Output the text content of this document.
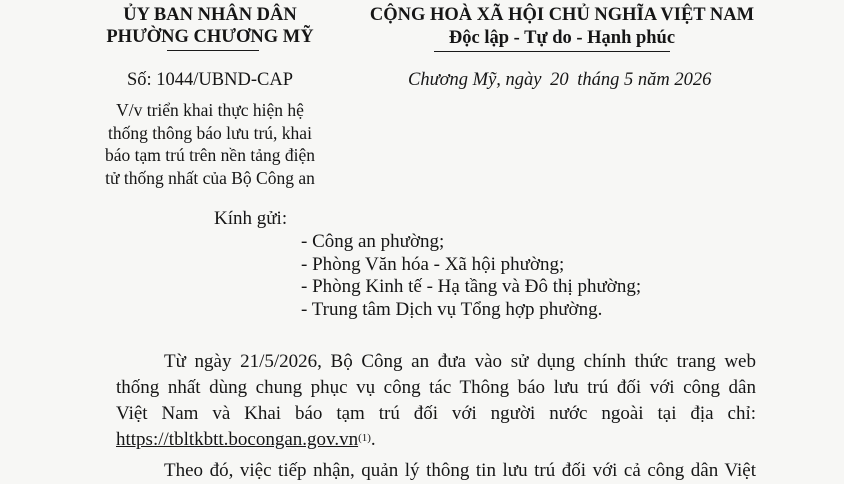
ỦY BAN NHÂN DÂN
PHƯỜNG CHƯƠNG MỸ
Số: 1044/UBND-CAP
V/v triển khai thực hiện hệ
thống thông báo lưu trú, khai
báo tạm trú trên nền tảng điện
tử thống nhất của Bộ Công an
CỘNG HOÀ XÃ HỘI CHỦ NGHĨA VIỆT NAM
Độc lập - Tự do - Hạnh phúc
Chương Mỹ, ngày 20 tháng 5 năm 2026
Kính gửi:
- Công an phường;
- Phòng Văn hóa - Xã hội phường;
- Phòng Kinh tế - Hạ tầng và Đô thị phường;
- Trung tâm Dịch vụ Tổng hợp phường.
Từ ngày 21/5/2026, Bộ Công an đưa vào sử dụng chính thức trang web
thống nhất dùng chung phục vụ công tác Thông báo lưu trú đối với công dân
Việt Nam và Khai báo tạm trú đối với người nước ngoài tại địa chỉ:
$https://tbltkbtt.bocongan.gov.vn^{(1)}$.
Theo đó, việc tiếp nhận, quản lý thông tin lưu trú đối với cả công dân Việt
